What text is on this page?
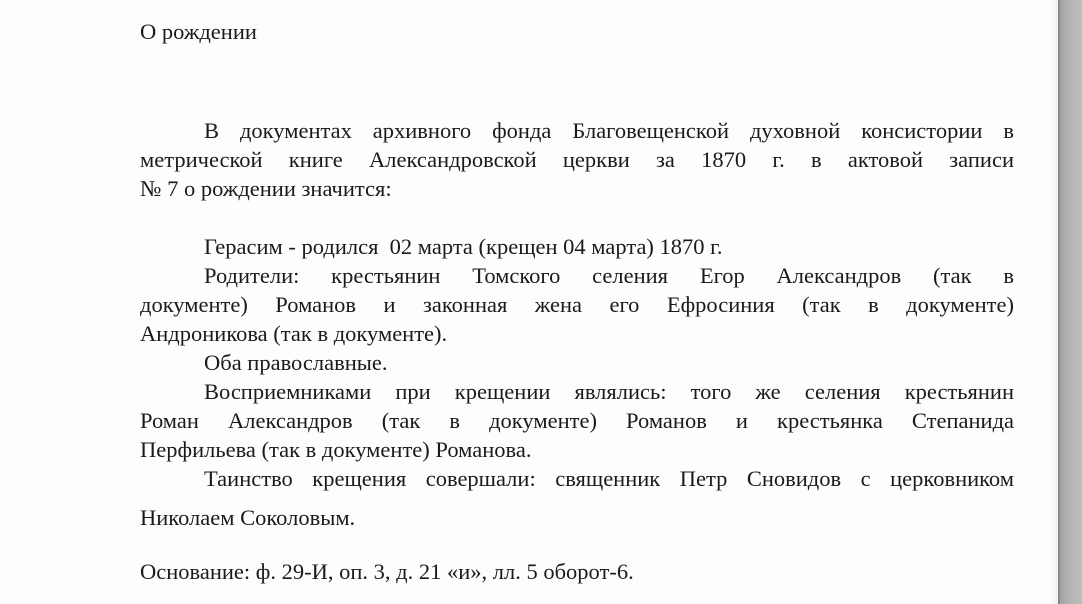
О рождении

В документах архивного фонда Благовещенской духовной консистории в

метрической книге Александровской церкви за 1870 г. в актовой записи

№ 7 о рождении значится:

Герасим - родился  02 марта (крещен 04 марта) 1870 г.

Родители: крестьянин Томского селения Егор Александров (так в

документе) Романов и законная жена его Ефросиния (так в документе)

Андроникова (так в документе).

Оба православные.

Восприемниками при крещении являлись: того же селения крестьянин

Роман Александров (так в документе) Романов и крестьянка Степанида

Перфильева (так в документе) Романова.

Таинство крещения совершали: священник Петр Сновидов с церковником

Николаем Соколовым.

Основание: ф. 29-И, оп. 3, д. 21 «и», лл. 5 оборот-6.
